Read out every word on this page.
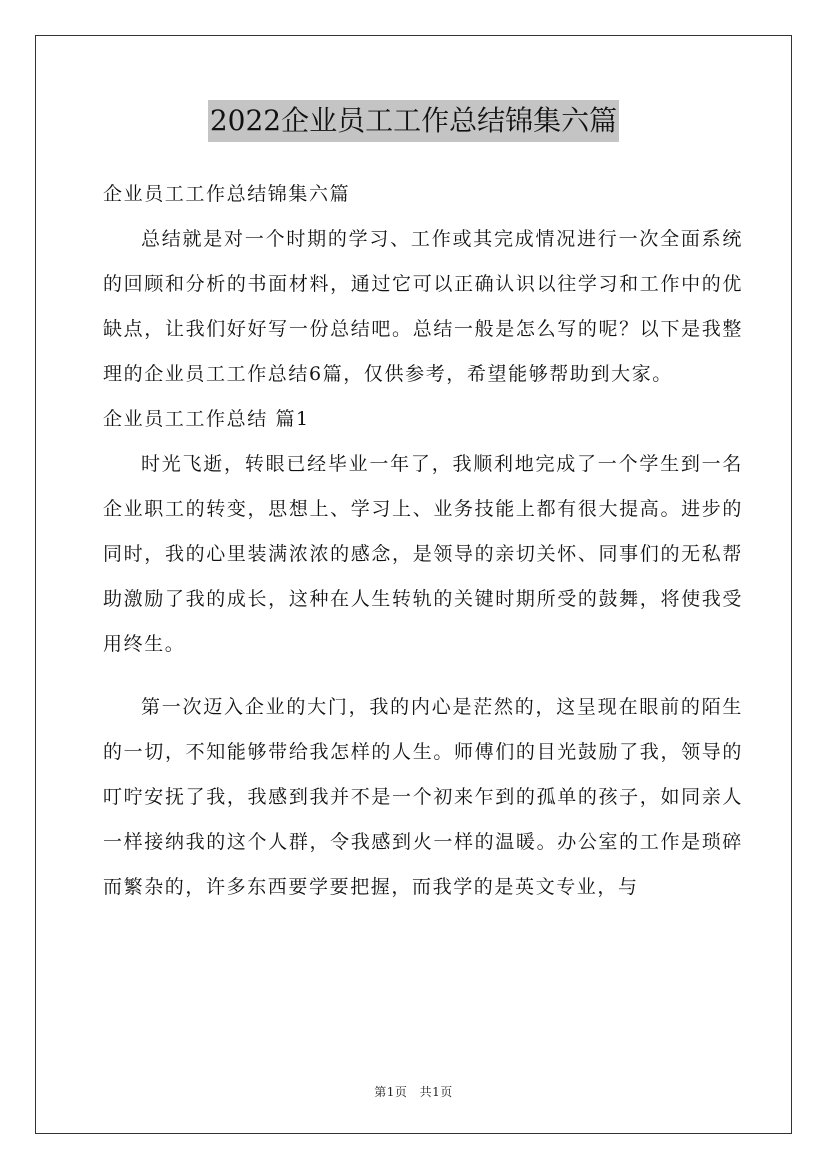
2022企业员工工作总结锦集六篇

企业员工工作总结锦集六篇

总结就是对一个时期的学习、工作或其完成情况进行一次全面系统的回顾和分析的书面材料，通过它可以正确认识以往学习和工作中的优缺点，让我们好好写一份总结吧。总结一般是怎么写的呢？以下是我整理的企业员工工作总结6篇，仅供参考，希望能够帮助到大家。

企业员工工作总结 篇1

时光飞逝，转眼已经毕业一年了，我顺利地完成了一个学生到一名企业职工的转变，思想上、学习上、业务技能上都有很大提高。进步的同时，我的心里装满浓浓的感念，是领导的亲切关怀、同事们的无私帮助激励了我的成长，这种在人生转轨的关键时期所受的鼓舞，将使我受用终生。

第一次迈入企业的大门，我的内心是茫然的，这呈现在眼前的陌生的一切，不知能够带给我怎样的人生。师傅们的目光鼓励了我，领导的叮咛安抚了我，我感到我并不是一个初来乍到的孤单的孩子，如同亲人一样接纳我的这个人群，令我感到火一样的温暖。办公室的工作是琐碎而繁杂的，许多东西要学要把握，而我学的是英文专业，与

第1页 共1页
